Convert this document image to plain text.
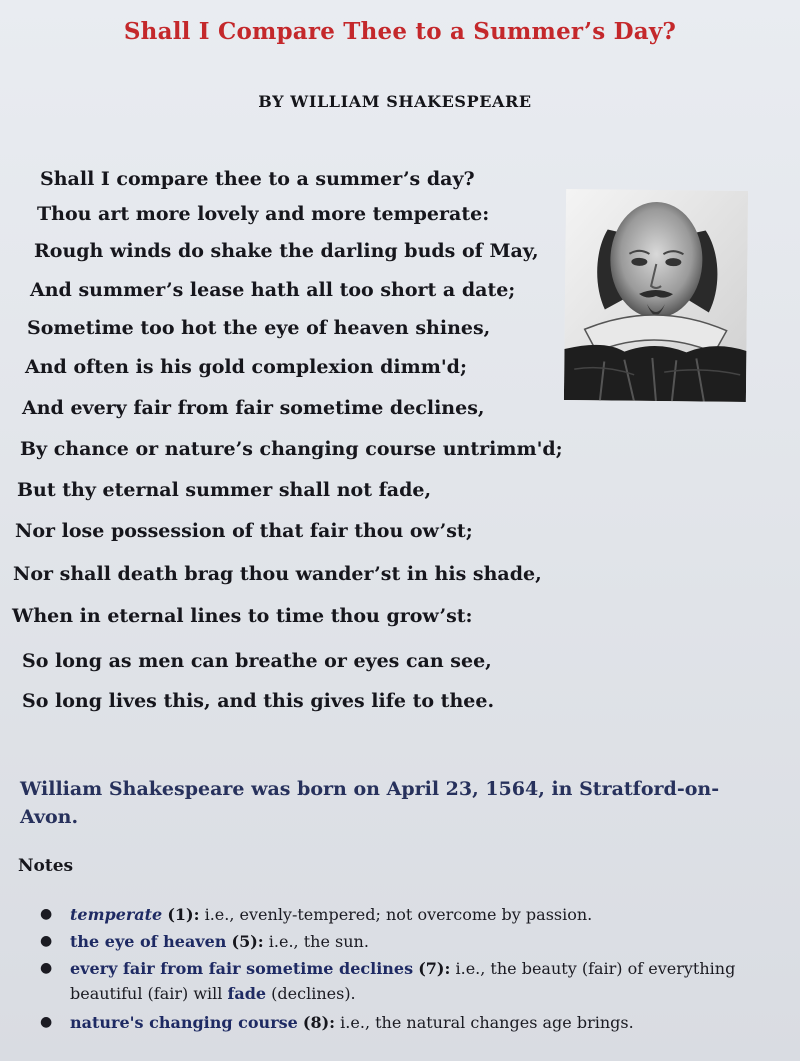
Shall I Compare Thee to a Summer’s Day?
BY WILLIAM SHAKESPEARE
Shall I compare thee to a summer’s day?
Thou art more lovely and more temperate:
Rough winds do shake the darling buds of May,
And summer’s lease hath all too short a date;
Sometime too hot the eye of heaven shines,
And often is his gold complexion dimm'd;
And every fair from fair sometime declines,
By chance or nature’s changing course untrimm'd;
But thy eternal summer shall not fade,
Nor lose possession of that fair thou ow’st;
Nor shall death brag thou wander’st in his shade,
When in eternal lines to time thou grow’st:
So long as men can breathe or eyes can see,
So long lives this, and this gives life to thee.
William Shakespeare was born on April 23, 1564, in Stratford-on-Avon.
Notes
●	temperate (1): i.e., evenly-tempered; not overcome by passion.
●	the eye of heaven (5): i.e., the sun.
●	every fair from fair sometime declines (7): i.e., the beauty (fair) of everything beautiful (fair) will fade (declines).
●	nature's changing course (8): i.e., the natural changes age brings.
